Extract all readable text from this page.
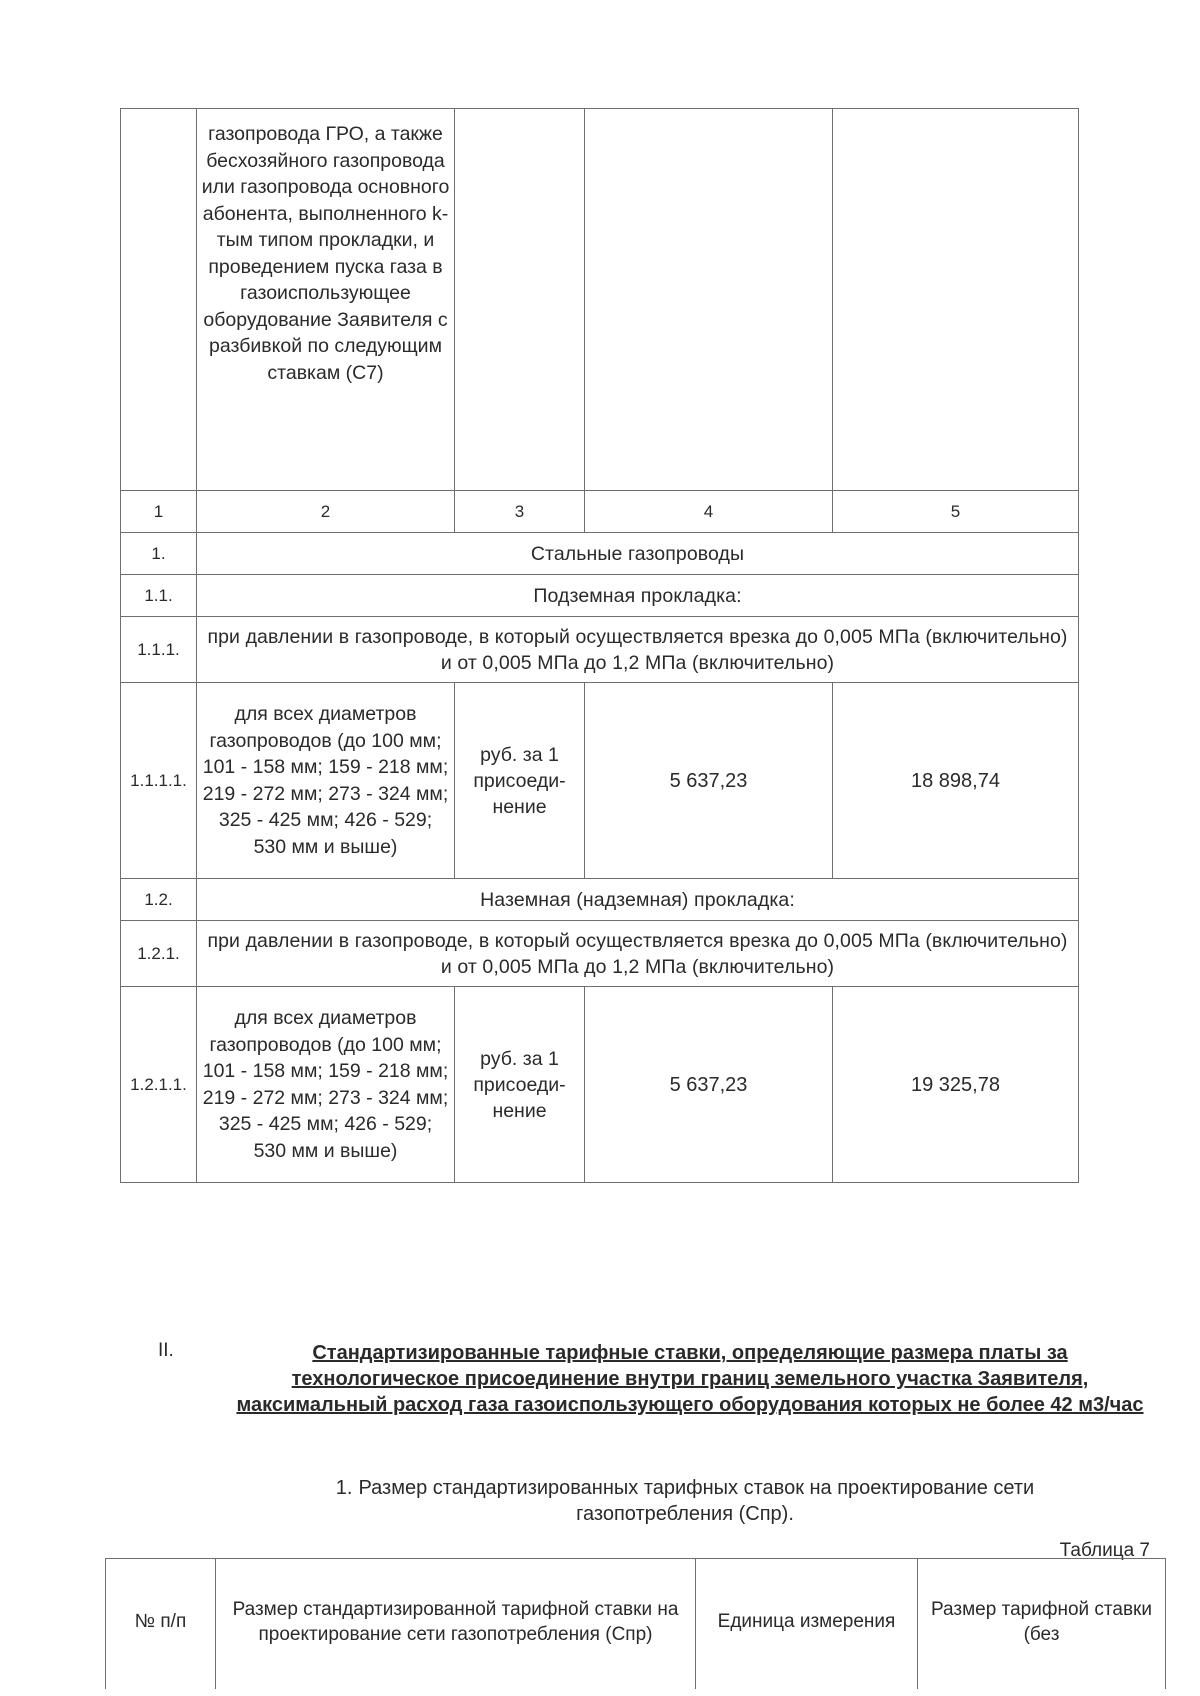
	газопровода ГРО, а также бесхозяйного газопровода или газопровода основного абонента, выполненного k-тым типом прокладки, и проведением пуска газа в газоиспользующее оборудование Заявителя с разбивкой по следующим ставкам (С7)			
1	2	3	4	5
1.	Стальные газопроводы			
1.1.	Подземная прокладка:			
1.1.1.	при давлении в газопроводе, в который осуществляется врезка до 0,005 МПа (включительно) и от 0,005 МПа до 1,2 МПа (включительно)			
1.1.1.1.	для всех диаметров газопроводов (до 100 мм; 101 - 158 мм; 159 - 218 мм; 219 - 272 мм; 273 - 324 мм; 325 - 425 мм; 426 - 529; 530 мм и выше)	руб. за 1 присоеди-нение	5 637,23	18 898,74
1.2.	Наземная (надземная) прокладка:			
1.2.1.	при давлении в газопроводе, в который осуществляется врезка до 0,005 МПа (включительно) и от 0,005 МПа до 1,2 МПа (включительно)			
1.2.1.1.	для всех диаметров газопроводов (до 100 мм; 101 - 158 мм; 159 - 218 мм; 219 - 272 мм; 273 - 324 мм; 325 - 425 мм; 426 - 529; 530 мм и выше)	руб. за 1 присоеди-нение	5 637,23	19 325,78
II.	Стандартизированные тарифные ставки, определяющие размера платы за технологическое присоединение внутри границ земельного участка Заявителя, максимальный расход газа газоиспользующего оборудования которых не более 42 м3/час
1. Размер стандартизированных тарифных ставок на проектирование сети газопотребления (Спр).
Таблица 7
№ п/п	Размер стандартизированной тарифной ставки на проектирование сети газопотребления (Спр)	Единица измерения	Размер тарифной ставки (без
